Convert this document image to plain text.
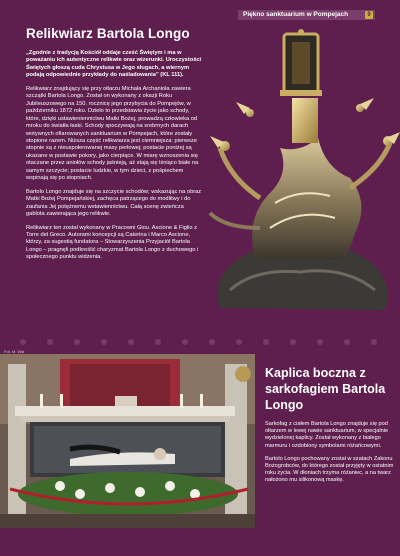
Piękno sanktuarium w Pompejach	9
Relikwiarz Bartola Longo

„Zgodnie z tradycją Kościół oddaje cześć Świętym i ma w poważaniu ich autentyczne relikwie oraz wizerunki. Uroczystości Świętych głoszą cuda Chrystusa w Jego sługach, a wiernym podają odpowiednie przykłady do naśladowania” (KL 111).

Relikwiarz znajdujący się przy ołtarzu Michała Archanioła zawiera szczątki Bartola Longo. Został on wykonany z okazji Roku Jubileuszowego na 150. rocznicę jego przybycia do Pompejów, w październiku 1872 roku. Dzieło to przedstawia życie jako schody, które, dzięki ustawieniennictwu Matki Bożej, prowadzą człowieka od mroku do światła łaski. Schody spoczywają na srebrnych darach wotywnych ofiarowanych sanktuarium w Pompejach, które zostały stopione razem. Niższa część relikwiarza jest ciemniejsza: pierwsze stopnie są z nieuspołerowanej masy perłowej; postacie poniżej są ukazane w postawie pokory, jako cierpiące. W miarę wznoszenia się otaczane przez aniołów schody jaśnieją, aż stają się lśniąco białe na samym szczycie; postacie ludzkie, w tym dzieci, z pośpiechem wspinają się po stopniach.

Bartolo Longo znajduje się na szczycie schodów; wskazując na obraz Matki Bożej Pompejańskiej, zachęca patrzącego do modlitwy i do zaufania Jej potężnemu wstawiennictwu. Całą scenę zwieńcza gablota zawierająca jego relikwie.

Relikwiarz ten został wykonany w Pracowni Giou. Ascione & Figlio z Torre del Greco. Autorami koncepcji są Caterina i Marco Ascione, którzy, za sugestią fundatora – Stowarzyszenia Przyjaciół Bartola Longo – pragnęli podkreślić charyzmat Bartola Longo z duchowego i społecznego punktu widzenia.

Fot. M. Wal
Kaplica boczna z sarkofagiem Bartola Longo

Sarkofag z ciałem Bartola Longo znajduje się pod ołtarzem w lewej nawie sanktuarium, w specjalnie wydzielonej kaplicy. Został wykonany z białego marmuru i ozdobiony symbolami różańcowymi.

Bartolo Longo pochowany został w szatach Zakonu Bożogrobców, do którego został przyjęty w ostatnim roku życia. W dłoniach trzyma różaniec, a na twarz nałożono mu silikonową maskę.
